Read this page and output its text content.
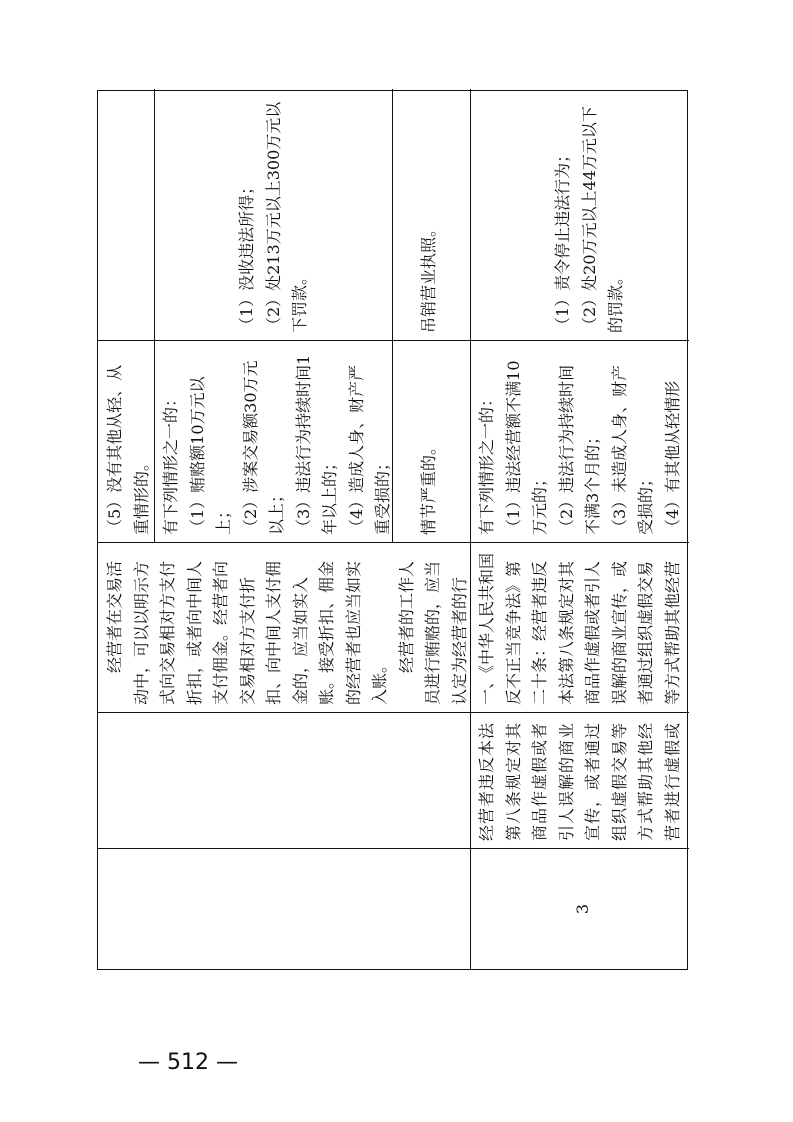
经营者在交易活动中，可以以明示方式向交易相对方支付折扣，或者向中间人支付佣金。经营者向交易相对方支付折扣、向中间人支付佣金的，应当如实入账。接受折扣、佣金的经营者也应当如实入账。 经营者的工作人员进行贿赂的，应当认定为经营者的行

（5）没有其他从轻、从重情形的。 有下列情形之一的： （1）贿赂额10万元以上； （2）涉案交易额30万元以上； （3）违法行为持续时间1年以上的； （4）造成人身、财产严重受损的；

（1）没收违法所得； （2）处213万元以上300万元以下罚款。

情节严重的。

吊销营业执照。

3

经营者违反本法第八条规定对其商品作虚假或者引人误解的商业宣传，或者通过组织虚假交易等方式帮助其他经营者进行虚假或

一、《中华人民共和国反不正当竞争法》第二十条：经营者违反本法第八条规定对其商品作虚假或者引人误解的商业宣传，或者通过组织虚假交易等方式帮助其他经营

有下列情形之一的： （1）违法经营额不满10万元的； （2）违法行为持续时间不满3个月的； （3）未造成人身、财产受损的； （4）有其他从轻情形

（1）责令停止违法行为； （2）处20万元以上44万元以下的罚款。

— 512 —
